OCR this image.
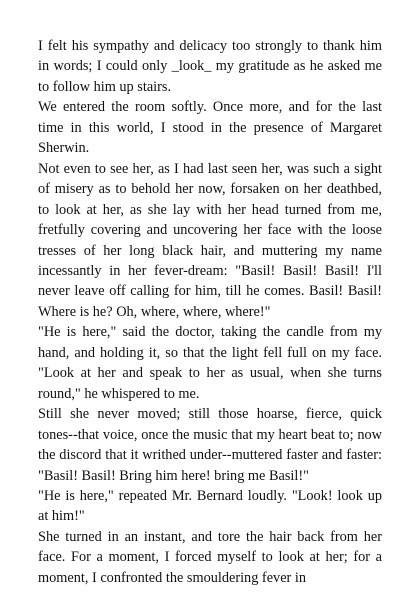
I felt his sympathy and delicacy too strongly to thank him in words; I could only _look_ my gratitude as he asked me to follow him up stairs.

We entered the room softly. Once more, and for the last time in this world, I stood in the presence of Margaret Sherwin.

Not even to see her, as I had last seen her, was such a sight of misery as to behold her now, forsaken on her deathbed, to look at her, as she lay with her head turned from me, fretfully covering and uncovering her face with the loose tresses of her long black hair, and muttering my name incessantly in her fever-dream: "Basil! Basil! Basil! I'll never leave off calling for him, till he comes. Basil! Basil! Where is he? Oh, where, where, where!"

"He is here," said the doctor, taking the candle from my hand, and holding it, so that the light fell full on my face. "Look at her and speak to her as usual, when she turns round," he whispered to me.

Still she never moved; still those hoarse, fierce, quick tones--that voice, once the music that my heart beat to; now the discord that it writhed under--muttered faster and faster: "Basil! Basil! Bring him here! bring me Basil!"

"He is here," repeated Mr. Bernard loudly. "Look! look up at him!"

She turned in an instant, and tore the hair back from her face. For a moment, I forced myself to look at her; for a moment, I confronted the smouldering fever in
